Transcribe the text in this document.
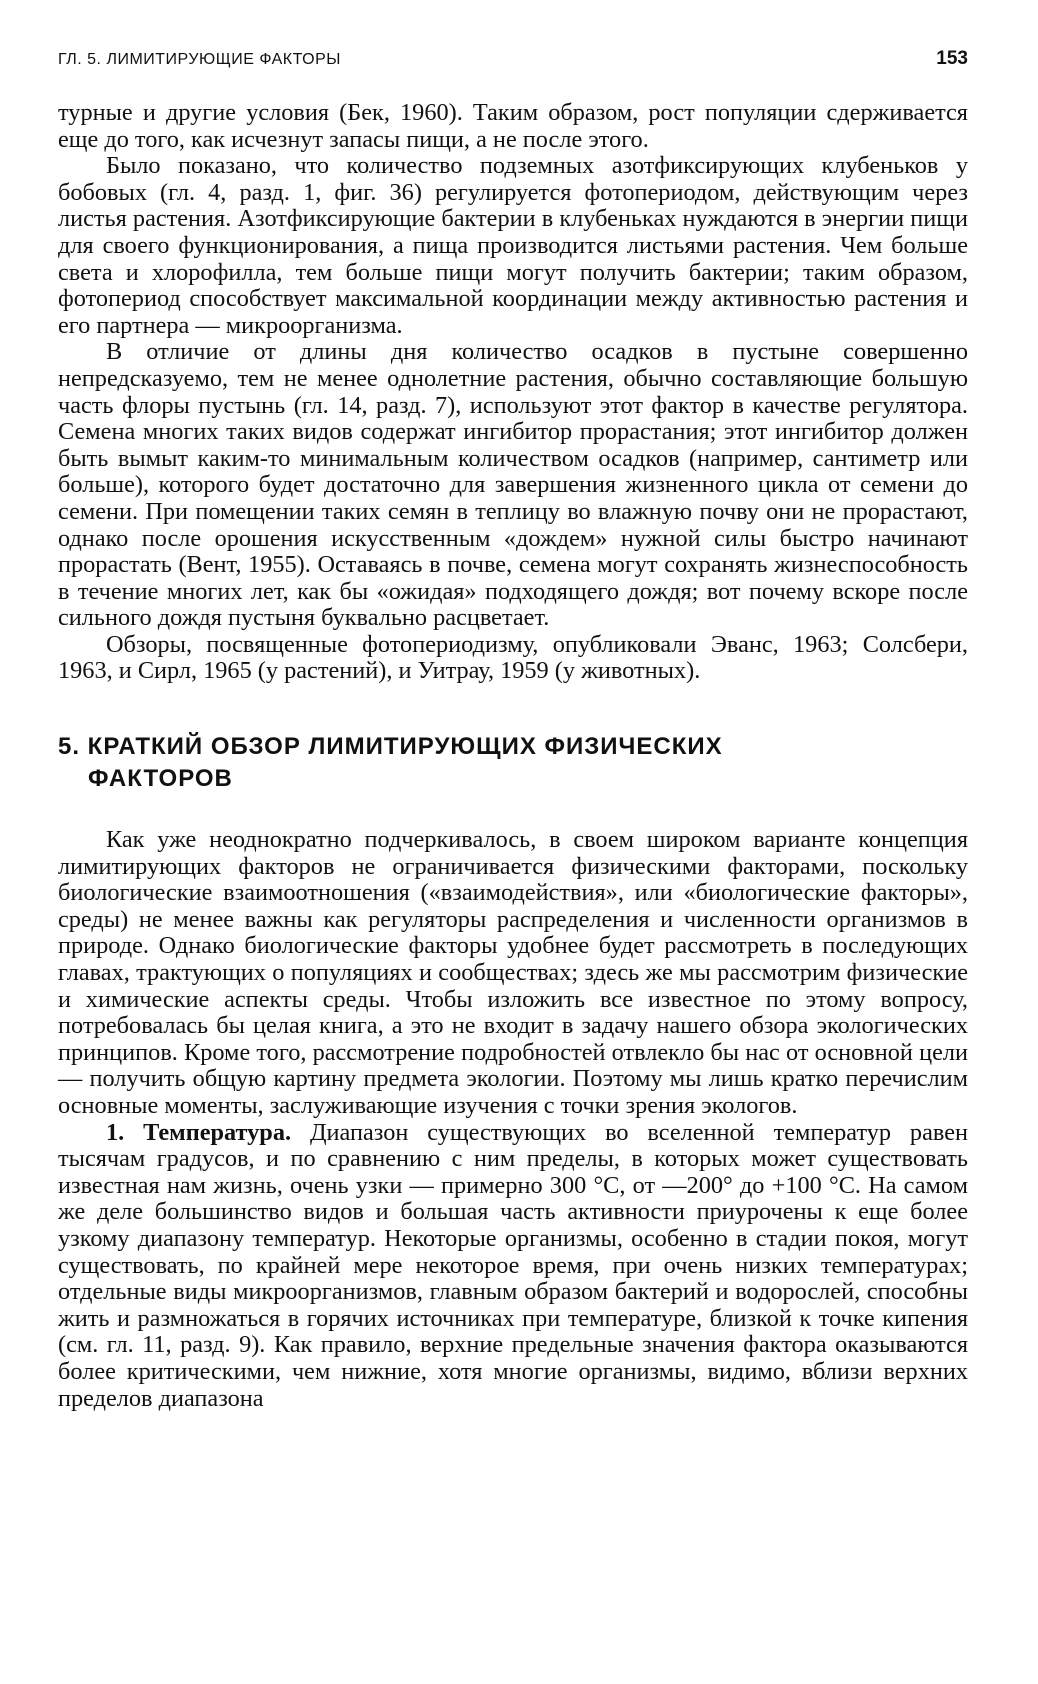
ГЛ. 5. ЛИМИТИРУЮЩИЕ ФАКТОРЫ	153

турные и другие условия (Бек, 1960). Таким образом, рост популяции сдерживается еще до того, как исчезнут запасы пищи, а не после этого.

Было показано, что количество подземных азотфиксирующих клубеньков у бобовых (гл. 4, разд. 1, фиг. 36) регулируется фотопериодом, действующим через листья растения. Азотфиксирующие бактерии в клубеньках нуждаются в энергии пищи для своего функционирования, а пища производится листьями растения. Чем больше света и хлорофилла, тем больше пищи могут получить бактерии; таким образом, фотопериод способствует максимальной координации между активностью растения и его партнера — микроорганизма.

В отличие от длины дня количество осадков в пустыне совершенно непредсказуемо, тем не менее однолетние растения, обычно составляющие большую часть флоры пустынь (гл. 14, разд. 7), используют этот фактор в качестве регулятора. Семена многих таких видов содержат ингибитор прорастания; этот ингибитор должен быть вымыт каким-то минимальным количеством осадков (например, сантиметр или больше), которого будет достаточно для завершения жизненного цикла от семени до семени. При помещении таких семян в теплицу во влажную почву они не прорастают, однако после орошения искусственным «дождем» нужной силы быстро начинают прорастать (Вент, 1955). Оставаясь в почве, семена могут сохранять жизнеспособность в течение многих лет, как бы «ожидая» подходящего дождя; вот почему вскоре после сильного дождя пустыня буквально расцветает.

Обзоры, посвященные фотопериодизму, опубликовали Эванс, 1963; Солсбери, 1963, и Сирл, 1965 (у растений), и Уитрау, 1959 (у животных).

5. КРАТКИЙ ОБЗОР ЛИМИТИРУЮЩИХ ФИЗИЧЕСКИХ ФАКТОРОВ

Как уже неоднократно подчеркивалось, в своем широком варианте концепция лимитирующих факторов не ограничивается физическими факторами, поскольку биологические взаимоотношения («взаимодействия», или «биологические факторы», среды) не менее важны как регуляторы распределения и численности организмов в природе. Однако биологические факторы удобнее будет рассмотреть в последующих главах, трактующих о популяциях и сообществах; здесь же мы рассмотрим физические и химические аспекты среды. Чтобы изложить все известное по этому вопросу, потребовалась бы целая книга, а это не входит в задачу нашего обзора экологических принципов. Кроме того, рассмотрение подробностей отвлекло бы нас от основной цели — получить общую картину предмета экологии. Поэтому мы лишь кратко перечислим основные моменты, заслуживающие изучения с точки зрения экологов.

1. Температура. Диапазон существующих во вселенной температур равен тысячам градусов, и по сравнению с ним пределы, в которых может существовать известная нам жизнь, очень узки — примерно 300 °С, от —200° до +100 °С. На самом же деле большинство видов и большая часть активности приурочены к еще более узкому диапазону температур. Некоторые организмы, особенно в стадии покоя, могут существовать, по крайней мере некоторое время, при очень низких температурах; отдельные виды микроорганизмов, главным образом бактерий и водорослей, способны жить и размножаться в горячих источниках при температуре, близкой к точке кипения (см. гл. 11, разд. 9). Как правило, верхние предельные значения фактора оказываются более критическими, чем нижние, хотя многие организмы, видимо, вблизи верхних пределов диапазона
